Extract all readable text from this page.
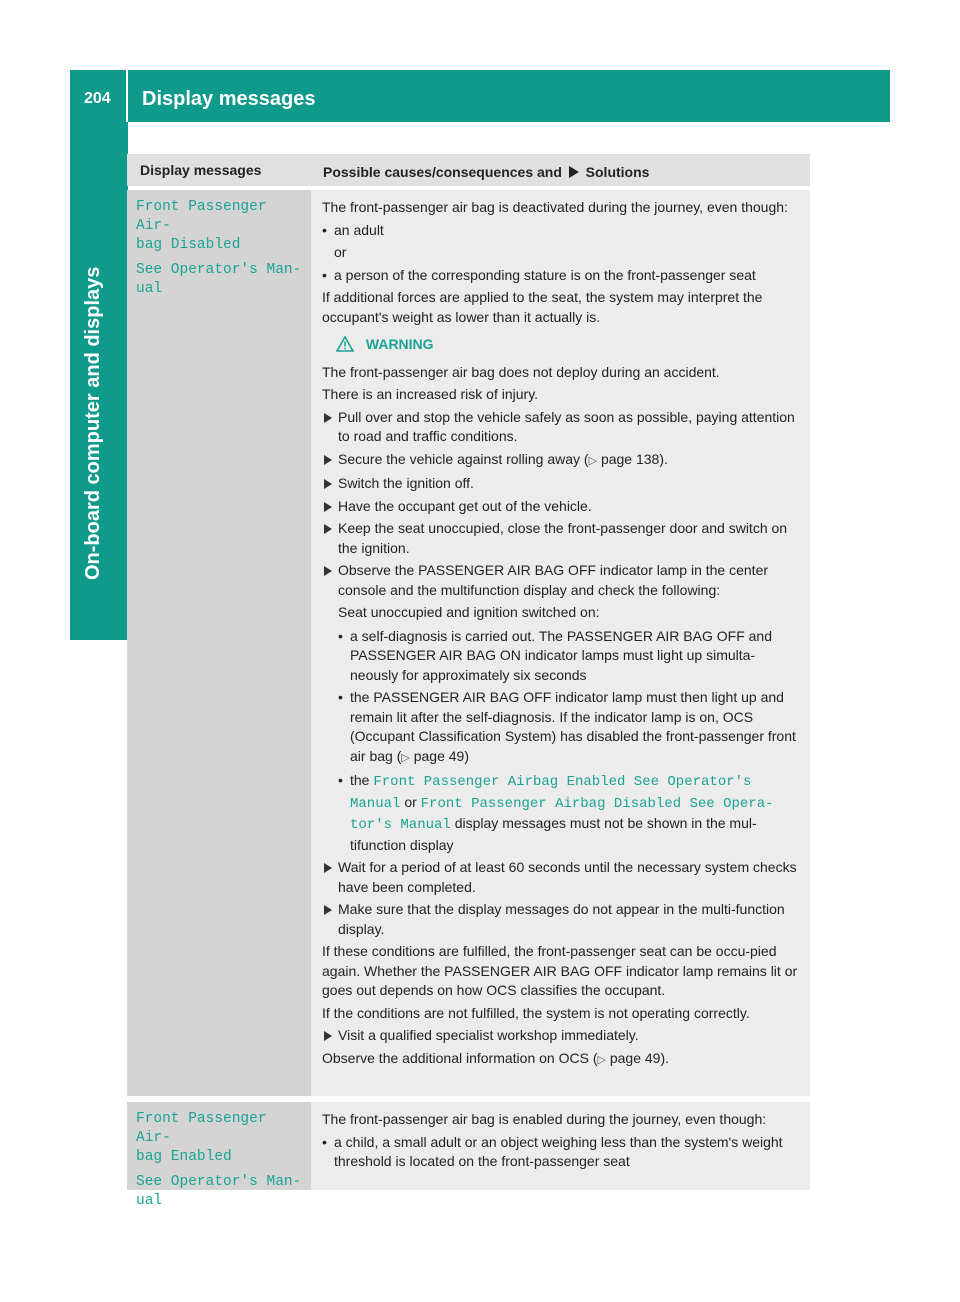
204 Display messages
On-board computer and displays
Display messages	Possible causes/consequences and Solutions
Front Passenger Air‐

bag Disabled

See Operator's Man‐
ual

The front-passenger air bag is deactivated during the journey, even though:

• an adult
or
• a person of the corresponding stature is on the front-passenger seat

If additional forces are applied to the seat, the system may interpret the occupant's weight as lower than it actually is.

WARNING

The front-passenger air bag does not deploy during an accident.

There is an increased risk of injury.

Pull over and stop the vehicle safely as soon as possible, paying attention to road and traffic conditions.
Secure the vehicle against rolling away (▷ page 138).
Switch the ignition off.
Have the occupant get out of the vehicle.
Keep the seat unoccupied, close the front-passenger door and switch on the ignition.
Observe the PASSENGER AIR BAG OFF indicator lamp in the center console and the multifunction display and check the following:
Seat unoccupied and ignition switched on:
• a self-diagnosis is carried out. The PASSENGER AIR BAG OFF and PASSENGER AIR BAG ON indicator lamps must light up simulta-neously for approximately six seconds
• the PASSENGER AIR BAG OFF indicator lamp must then light up and remain lit after the self-diagnosis. If the indicator lamp is on, OCS (Occupant Classification System) has disabled the front-passenger front air bag (▷ page 49)
• the Front Passenger Airbag Enabled See Operator's Manual or Front Passenger Airbag Disabled See Opera‐tor's Manual display messages must not be shown in the mul-tifunction display
Wait for a period of at least 60 seconds until the necessary system checks have been completed.
Make sure that the display messages do not appear in the multi-function display.

If these conditions are fulfilled, the front-passenger seat can be occu-pied again. Whether the PASSENGER AIR BAG OFF indicator lamp remains lit or goes out depends on how OCS classifies the occupant.

If the conditions are not fulfilled, the system is not operating correctly.

Visit a qualified specialist workshop immediately.

Observe the additional information on OCS (▷ page 49).

Front Passenger Air‐

bag Enabled

See Operator's Man‐
ual

The front-passenger air bag is enabled during the journey, even though:

• a child, a small adult or an object weighing less than the system's weight threshold is located on the front-passenger seat
